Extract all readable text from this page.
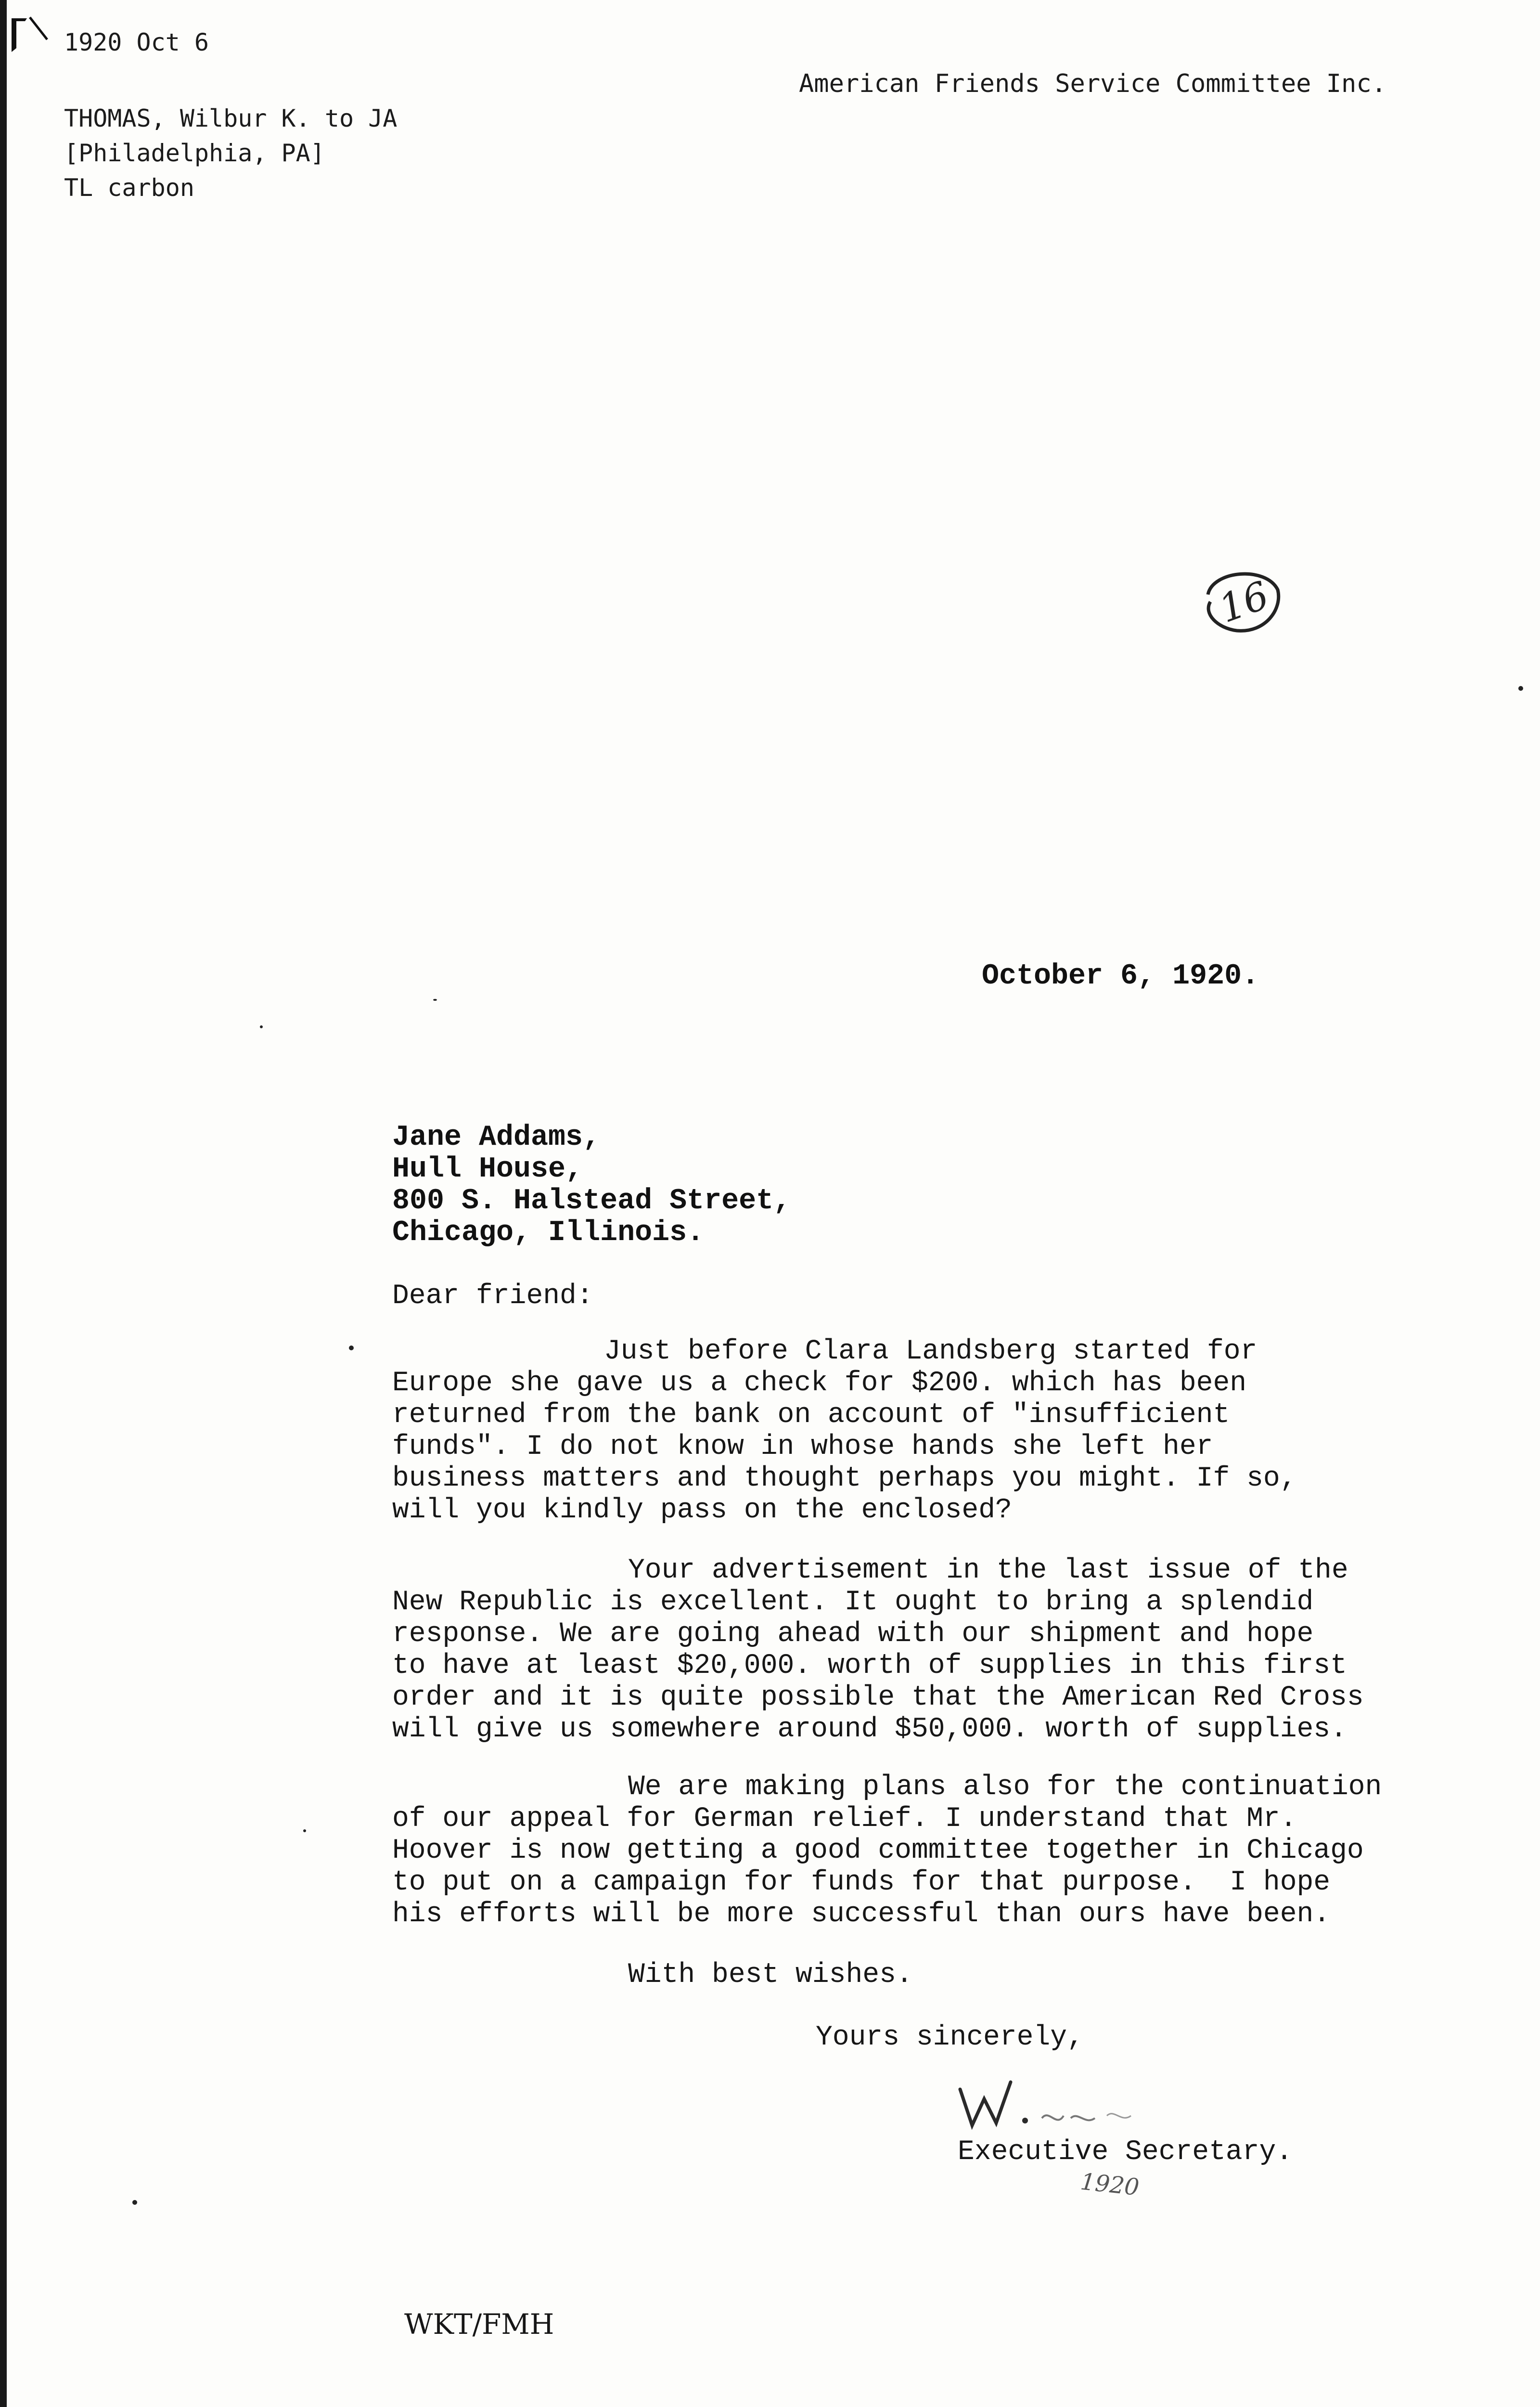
1920 Oct 6
THOMAS, Wilbur K. to JA
[Philadelphia, PA]
TL carbon
American Friends Service Committee Inc.
16
October 6, 1920.
Jane Addams,
Hull House,
800 S. Halstead Street,
Chicago, Illinois.
Dear friend:
Just before Clara Landsberg started for
Europe she gave us a check for $200. which has been
returned from the bank on account of "insufficient
funds". I do not know in whose hands she left her
business matters and thought perhaps you might. If so,
will you kindly pass on the enclosed?
Your advertisement in the last issue of the
New Republic is excellent. It ought to bring a splendid
response. We are going ahead with our shipment and hope
to have at least $20,000. worth of supplies in this first
order and it is quite possible that the American Red Cross
will give us somewhere around $50,000. worth of supplies.
We are making plans also for the continuation
of our appeal for German relief. I understand that Mr.
Hoover is now getting a good committee together in Chicago
to put on a campaign for funds for that purpose.  I hope
his efforts will be more successful than ours have been.
With best wishes.
Yours sincerely,
Executive Secretary.
1920
WKT/FMH
